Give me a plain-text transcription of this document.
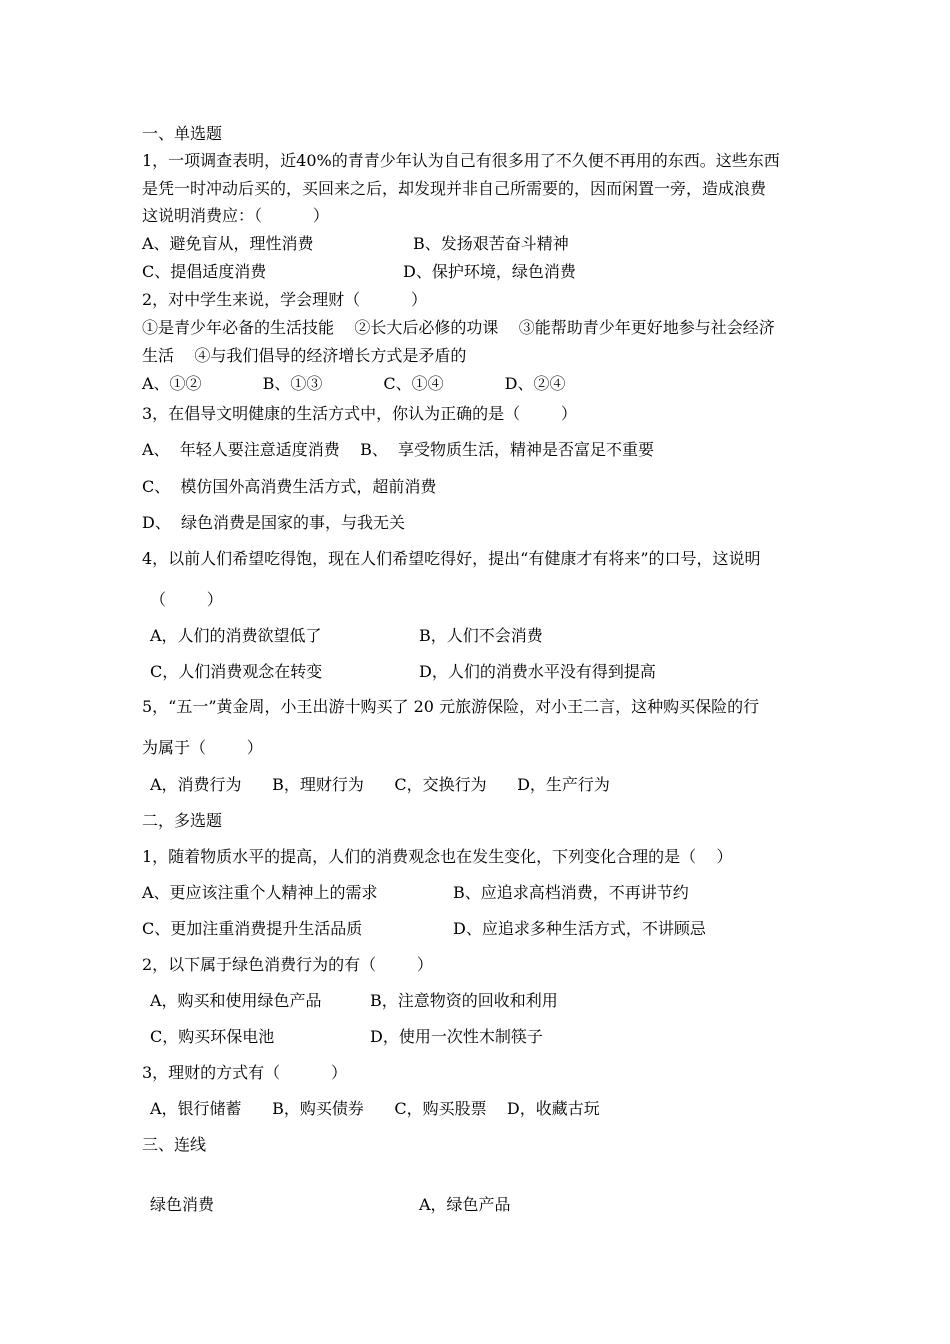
一、单选题
1，一项调查表明，近40%的青青少年认为自己有很多用了不久便不再用的东西。这些东西
是凭一时冲动后买的，买回来之后，却发现并非自己所需要的，因而闲置一旁，造成浪费
这说明消费应：（          ）
A、避免盲从，理性消费	B、发扬艰苦奋斗精神
C、提倡适度消费	D、保护环境，绿色消费
2，对中学生来说，学会理财（          ）
①是青少年必备的生活技能    ②长大后必修的功课    ③能帮助青少年更好地参与社会经济
生活    ④与我们倡导的经济增长方式是矛盾的
A、①②            B、①③            C、①④            D、②④
3，在倡导文明健康的生活方式中，你认为正确的是（        ）
A、  年轻人要注意适度消费    B、  享受物质生活，精神是否富足不重要
C、  模仿国外高消费生活方式，超前消费
D、  绿色消费是国家的事，与我无关
4，以前人们希望吃得饱，现在人们希望吃得好，提出“有健康才有将来”的口号，这说明
（        ）
A，人们的消费欲望低了	B，人们不会消费
C，人们消费观念在转变	D，人们的消费水平没有得到提高
5，“五一”黄金周，小王出游十购买了 20 元旅游保险，对小王二言，这种购买保险的行
为属于（        ）
A，消费行为      B，理财行为      C，交换行为      D，生产行为
二，多选题
1，随着物质水平的提高，人们的消费观念也在发生变化，下列变化合理的是（    ）
A、更应该注重个人精神上的需求	B、应追求高档消费，不再讲节约
C、更加注重消费提升生活品质	D、应追求多种生活方式，不讲顾忌
2，以下属于绿色消费行为的有（        ）
A，购买和使用绿色产品	B，注意物资的回收和利用
C，购买环保电池	D，使用一次性木制筷子
3，理财的方式有（          ）
A，银行储蓄      B，购买债券      C，购买股票    D，收藏古玩
三、连线
绿色消费	A，绿色产品
